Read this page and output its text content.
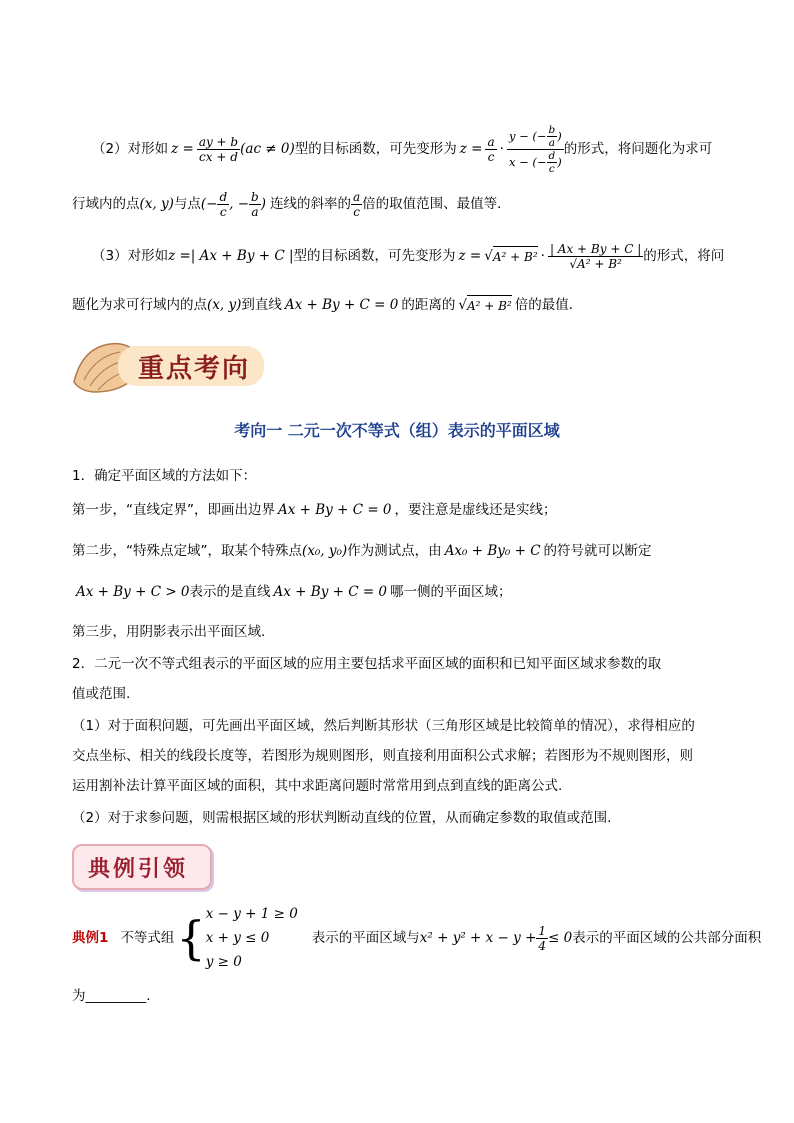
（2）对形如 $z = \frac{ay + b}{cx + d} (ac \ne 0)$ 型的目标函数，可先变形为 $z = \frac{a}{c} \cdot \frac{y - (- \frac{b}{a} )}{x - (- \frac{d}{c} )}$ 的形式，将问题化为求可
行域内的点 (x, y) 与点 (− $\frac{d}{c}$ , − $\frac{b}{a}$ ) 连线的斜率的 $\frac{a}{c}$ 倍的取值范围、最值等．
（3）对形如 z =| Ax + By + C | 型的目标函数，可先变形为 z = √ $A^2 + B^2 \cdot \frac{| Ax + By + C |}{\text{√A² + B²}}$ 的形式，将问
题化为求可行域内的点 (x, y) 到直线 Ax + By + C = 0 的距离的 √ A² + B² 倍的最值．
重点考向
考向一 二元一次不等式（组）表示的平面区域
1．确定平面区域的方法如下：
第一步，“直线定界”，即画出边界 Ax + By + C = 0 ，要注意是虚线还是实线；
第二步，“特殊点定域”，取某个特殊点 (x₀, y₀) 作为测试点，由 Ax₀ + By₀ + C 的符号就可以断定
Ax + By + C > 0 表示的是直线 Ax + By + C = 0 哪一侧的平面区域；
第三步，用阴影表示出平面区域.
2．二元一次不等式组表示的平面区域的应用主要包括求平面区域的面积和已知平面区域求参数的取
值或范围.
（1）对于面积问题，可先画出平面区域，然后判断其形状（三角形区域是比较简单的情况），求得相应的
交点坐标、相关的线段长度等，若图形为规则图形，则直接利用面积公式求解；若图形为不规则图形，则
运用割补法计算平面区域的面积，其中求距离问题时常常用到点到直线的距离公式.
（2）对于求参问题，则需根据区域的形状判断动直线的位置，从而确定参数的取值或范围.
典例引领
典例1 不等式组 { x − y + 1 ≥ 0
x + y ≤ 0
y ≥ 0
表示的平面区域与 $x^2 + y^2 + x - y + \frac{1}{4} \le 0$ 表示的平面区域的公共部分面积
为 _________ .
